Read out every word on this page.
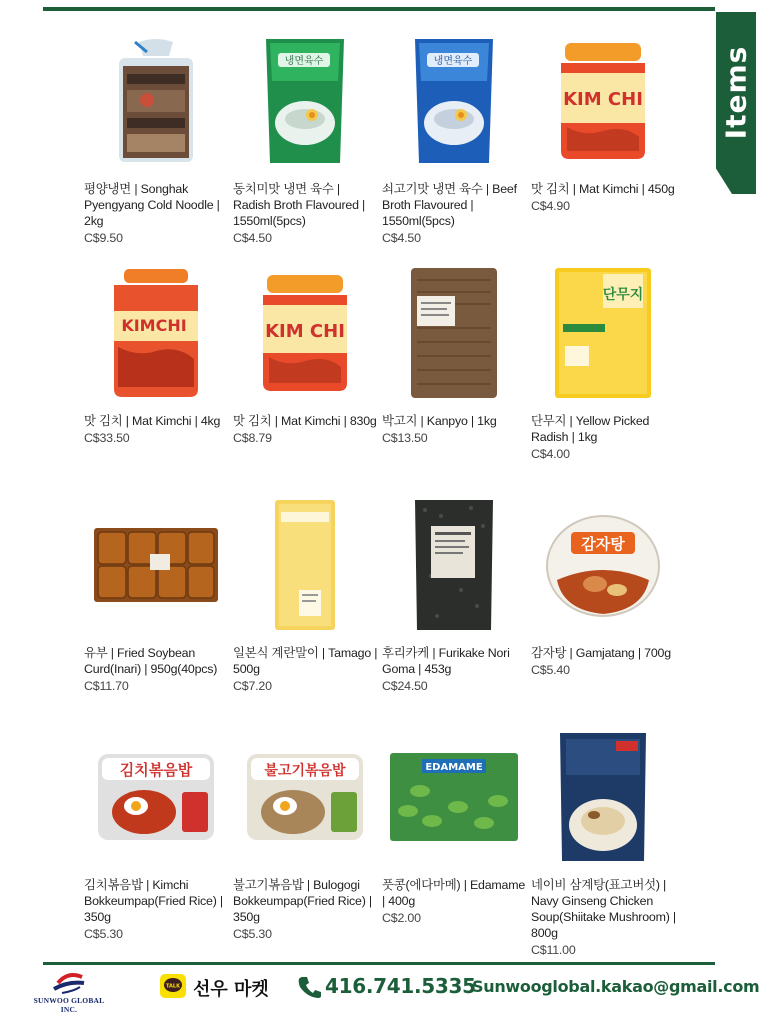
Items
평양냉면 | Songhak Pyengyang Cold Noodle | 2kg
C$9.50
냉면육수
동치미맛 냉면 육수 | Radish Broth Flavoured | 1550ml(5pcs)
C$4.50
냉면육수
쇠고기맛 냉면 육수 | Beef Broth Flavoured | 1550ml(5pcs)
C$4.50
KIM CHI
맛 김치 | Mat Kimchi | 450g
C$4.90
KIMCHI
맛 김치 | Mat Kimchi | 4kg
C$33.50
KIM CHI
맛 김치 | Mat Kimchi | 830g
C$8.79
박고지 | Kanpyo | 1kg
C$13.50
단무지
단무지 | Yellow Picked Radish | 1kg
C$4.00
유부 | Fried Soybean Curd(Inari) | 950g(40pcs)
C$11.70
일본식 계란말이 | Tamago | 500g
C$7.20
후리카케 | Furikake Nori Goma | 453g
C$24.50
감자탕
감자탕 | Gamjatang | 700g
C$5.40
김치볶음밥
김치볶음밥 | Kimchi Bokkeumpap(Fried Rice) | 350g
C$5.30
불고기볶음밥
불고기볶음밥 | Bulogogi Bokkeumpap(Fried Rice) | 350g
C$5.30
EDAMAME
풋콩(에다마메) | Edamame | 400g
C$2.00
네이비 삼계탕(표고버섯) | Navy Ginseng Chicken Soup(Shiitake Mushroom) | 800g
C$11.00
SUNWOO GLOBAL INC.
TALK 선우 마켓	416.741.5335
Sunwooglobal.kakao@gmail.com
